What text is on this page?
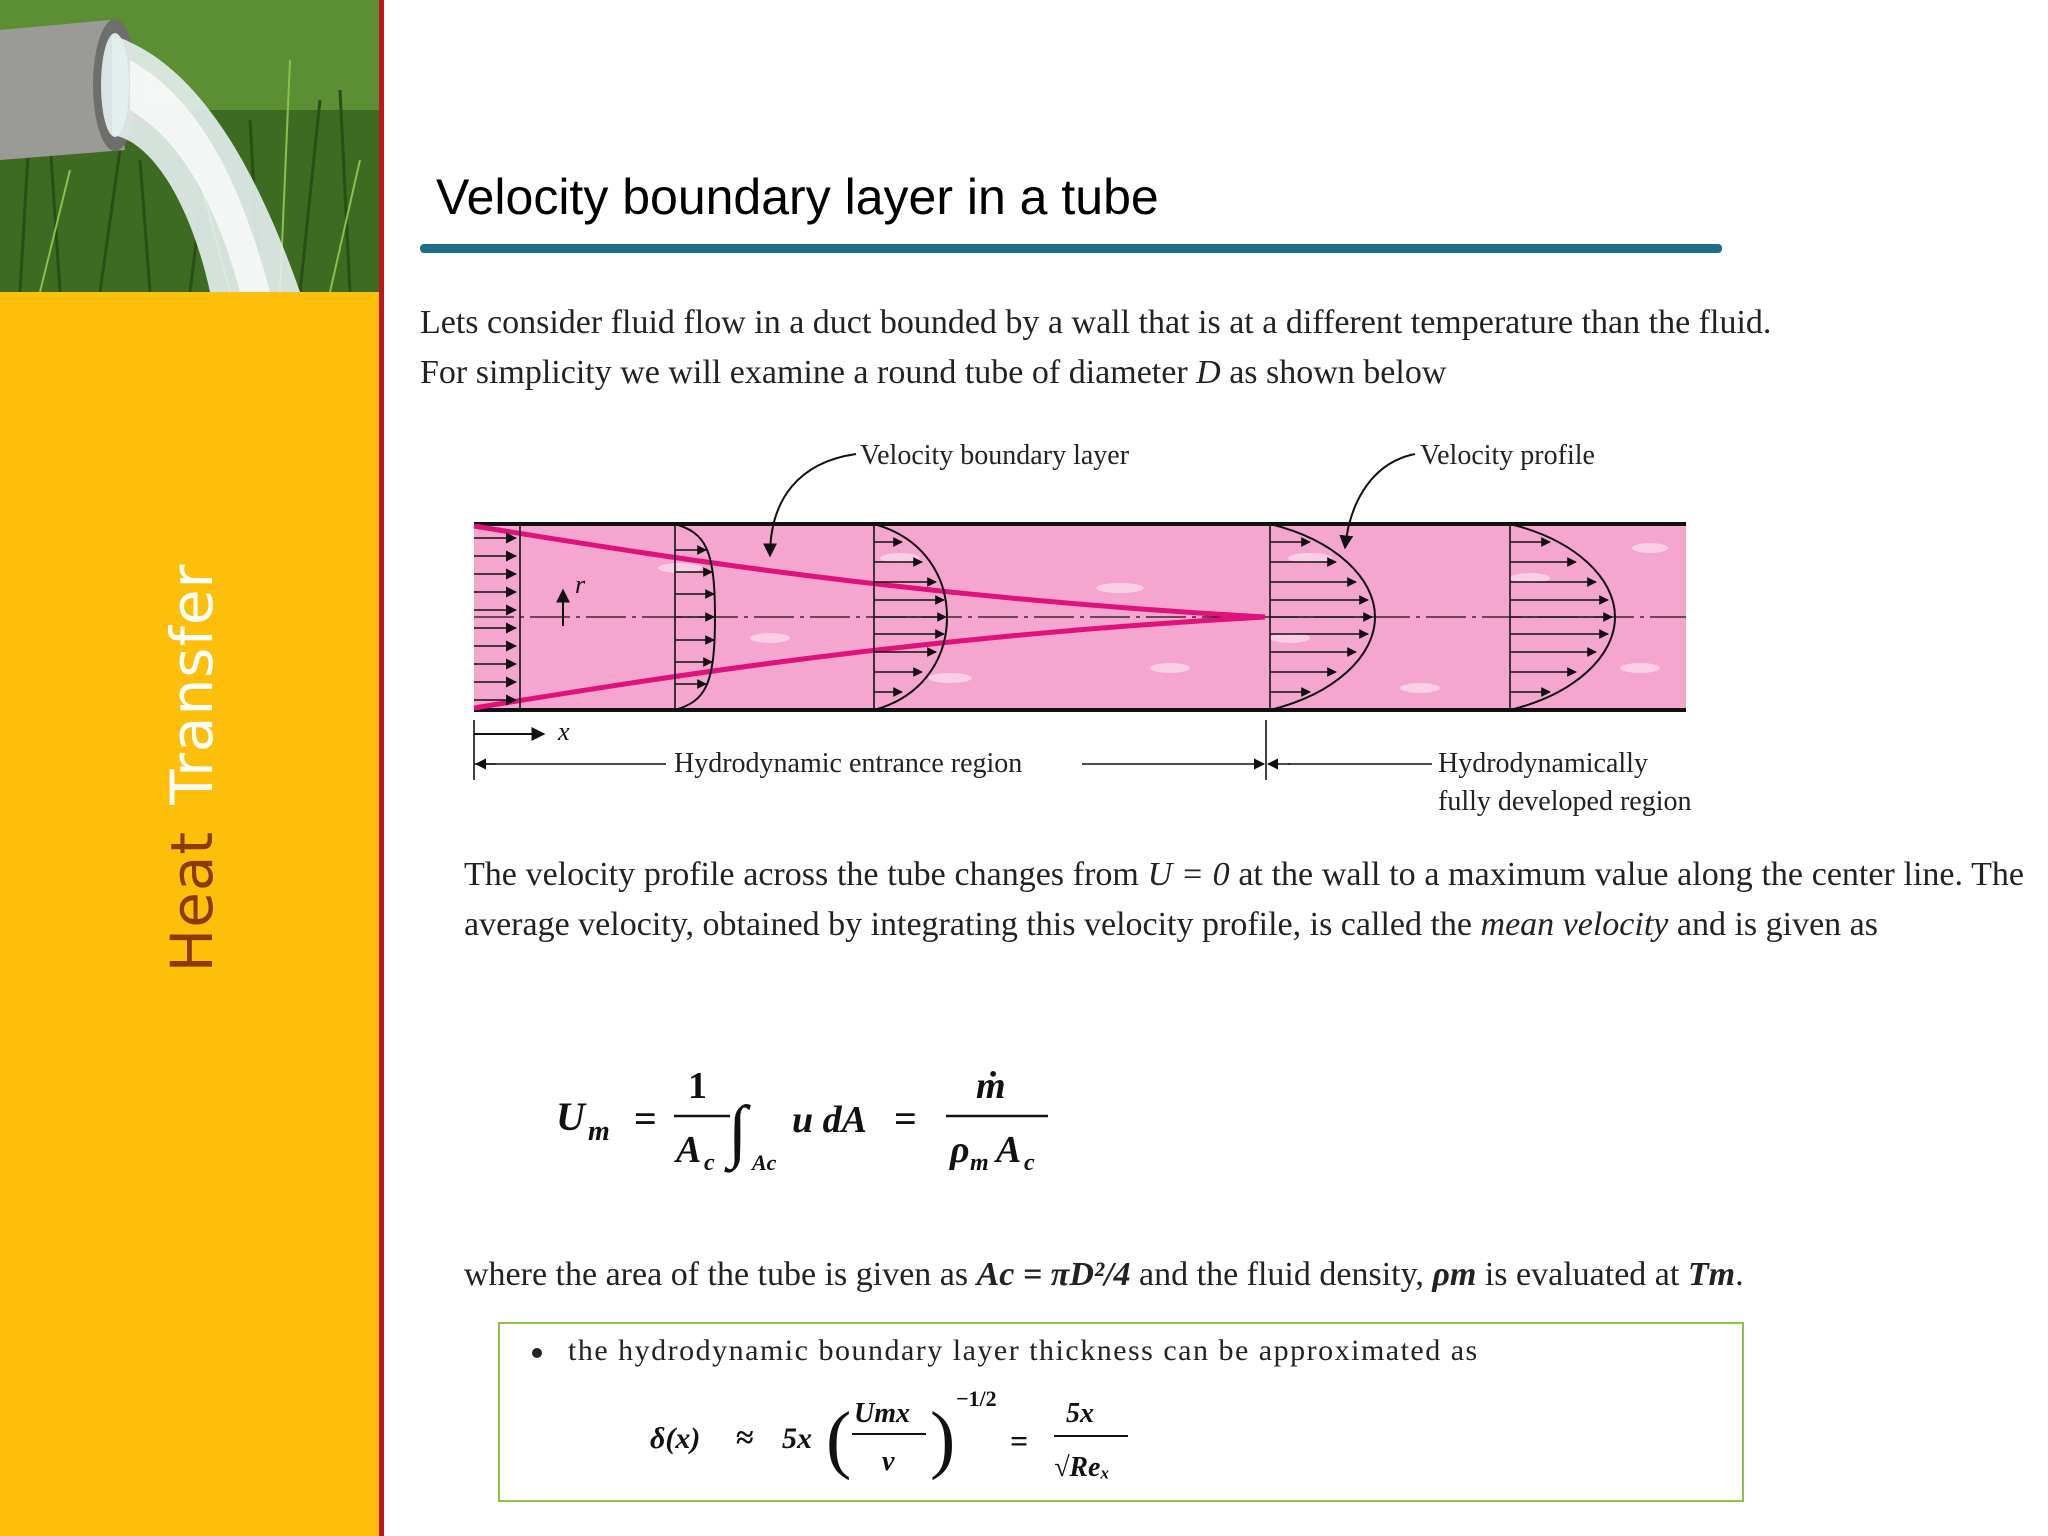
HeatTransfer
Velocity boundary layer in a tube
Lets consider fluid flow in a duct bounded by a wall that is at a different temperature than the fluid.
For simplicity we will examine a round tube of diameter D as shown below
r
Velocity boundary layer	Velocity profile
x
Hydrodynamic entrance region	Hydrodynamically
fully developed region
The velocity profile across the tube changes from U = 0 at the wall to a maximum value along the center line. The average velocity, obtained by integrating this velocity profile, is called the mean velocity and is given as
U m =
1
A c ∫ Ac
u dA =
ṁ
ρ m A c
where the area of the tube is given as Ac = πD²/4 and the fluid density, ρm is evaluated at Tm.
the hydrodynamic boundary layer thickness can be approximated as
δ(x) ≈ 5x ( Umx
ν ) −1/2
=
5x
√Reₓ
